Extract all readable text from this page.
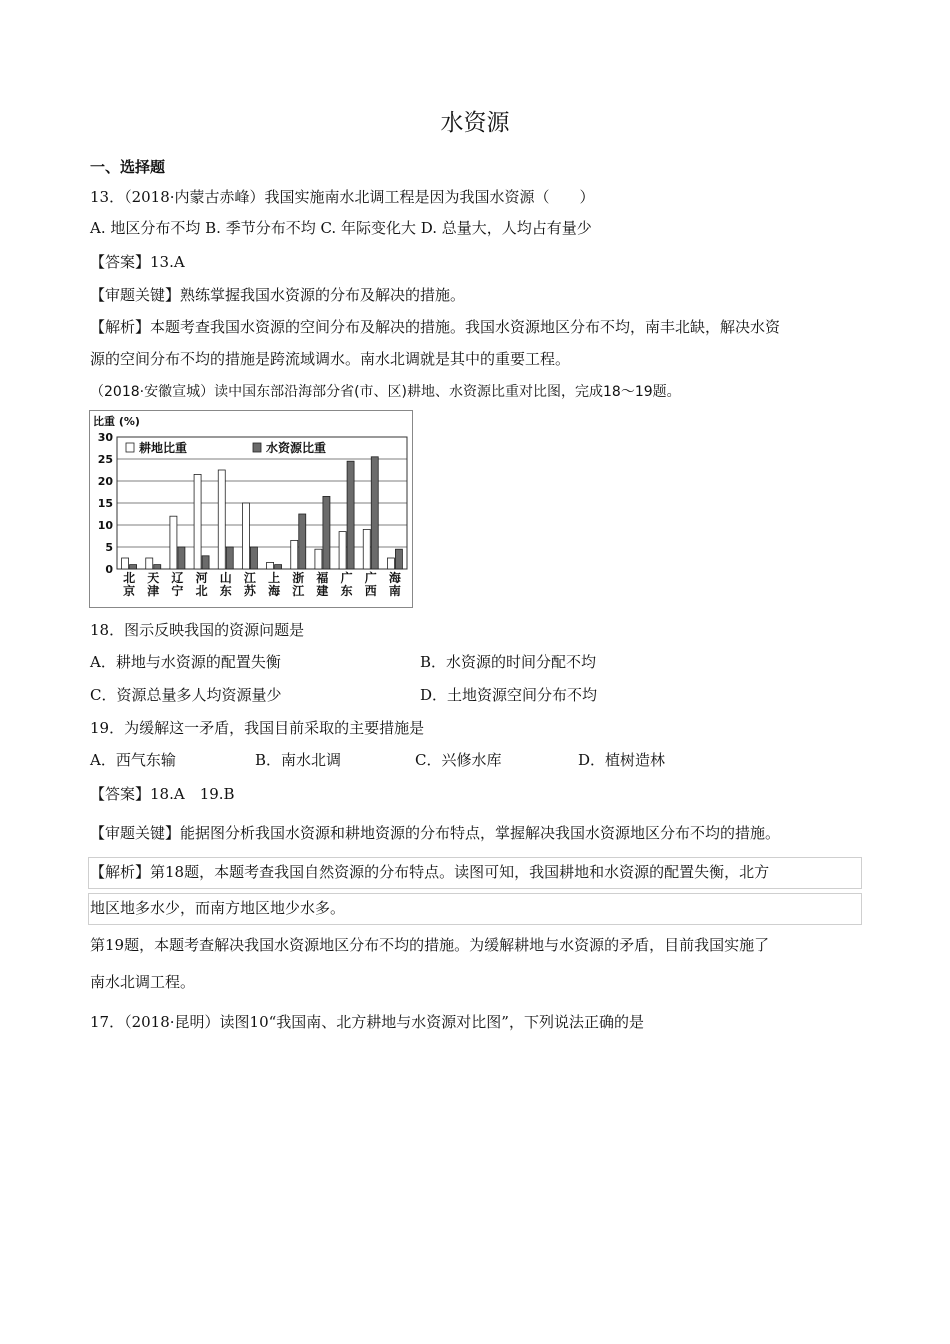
水资源
一、选择题
13．（2018·内蒙古赤峰）我国实施南水北调工程是因为我国水资源（　　）
A. 地区分布不均 B. 季节分布不均 C. 年际变化大 D. 总量大，人均占有量少
【答案】13.A
【审题关键】熟练掌握我国水资源的分布及解决的措施。
【解析】本题考查我国水资源的空间分布及解决的措施。我国水资源地区分布不均，南丰北缺，解决水资
源的空间分布不均的措施是跨流域调水。南水北调就是其中的重要工程。
（2018·安徽宣城）读中国东部沿海部分省(市、区)耕地、水资源比重对比图，完成18～19题。
比重 (%)
0
5
10
15
20
25
30
北
京
天
津
辽
宁
河
北
山
东
江
苏
上
海
浙
江
福
建
广
东
广
西
海
南
耕地比重	水资源比重
18．图示反映我国的资源问题是
A．耕地与水资源的配置失衡	B．水资源的时间分配不均
C．资源总量多人均资源量少	D．土地资源空间分布不均
19．为缓解这一矛盾，我国目前采取的主要措施是
A．西气东输	B．南水北调	C．兴修水库	D．植树造林
【答案】18.A　19.B
【审题关键】能据图分析我国水资源和耕地资源的分布特点，掌握解决我国水资源地区分布不均的措施。
【解析】第18题，本题考查我国自然资源的分布特点。读图可知，我国耕地和水资源的配置失衡，北方
地区地多水少，而南方地区地少水多。
第19题，本题考查解决我国水资源地区分布不均的措施。为缓解耕地与水资源的矛盾，目前我国实施了
南水北调工程。
17．（2018·昆明）读图10“我国南、北方耕地与水资源对比图”，下列说法正确的是
